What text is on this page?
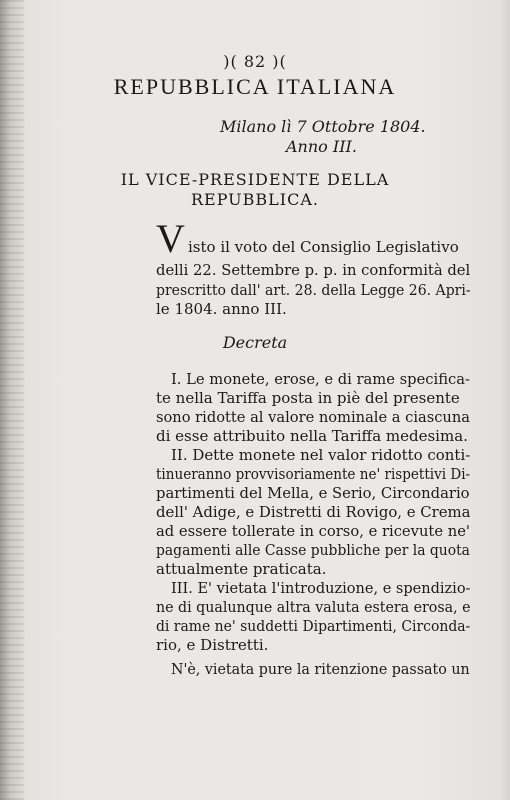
)( 82 )(

REPUBBLICA ITALIANA

Milano lì 7 Ottobre 1804.

Anno III.

IL VICE-PRESIDENTE DELLA

REPUBBLICA.

V isto il voto del Consiglio Legislativo

delli 22. Settembre p. p. in conformità del

prescritto dall' art. 28. della Legge 26. Apri-

le 1804. anno III.

Decreta

I. Le monete, erose, e di rame specifica-

te nella Tariffa posta in piè del presente

sono ridotte al valore nominale a ciascuna

di esse attribuito nella Tariffa medesima.

II. Dette monete nel valor ridotto conti-

tinueranno provvisoriamente ne' rispettivi Di-

partimenti del Mella, e Serio, Circondario

dell' Adige, e Distretti di Rovigo, e Crema

ad essere tollerate in corso, e ricevute ne'

pagamenti alle Casse pubbliche per la quota

attualmente praticata.

III. E' vietata l'introduzione, e spendizio-

ne di qualunque altra valuta estera erosa, e

di rame ne' suddetti Dipartimenti, Circonda-

rio, e Distretti.

N'è, vietata pure la ritenzione passato un
